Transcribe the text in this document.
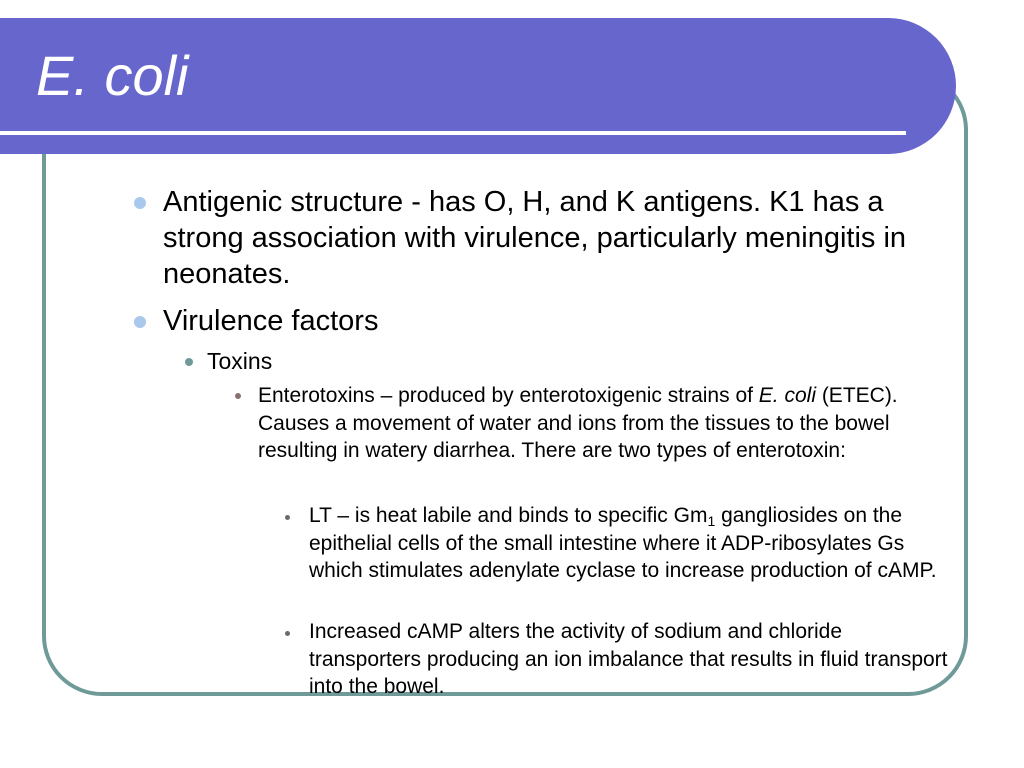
E. coli

Antigenic structure - has O, H, and K antigens. K1 has a strong association with virulence, particularly meningitis in neonates.

Virulence factors

Toxins

Enterotoxins – produced by enterotoxigenic strains of E. coli (ETEC). Causes a movement of water and ions from the tissues to the bowel resulting in watery diarrhea. There are two types of enterotoxin:

LT – is heat labile and binds to specific $Gm_1$ gangliosides on the epithelial cells of the small intestine where it ADP-ribosylates Gs which stimulates adenylate cyclase to increase production of cAMP.

Increased cAMP alters the activity of sodium and chloride transporters producing an ion imbalance that results in fluid transport into the bowel.
